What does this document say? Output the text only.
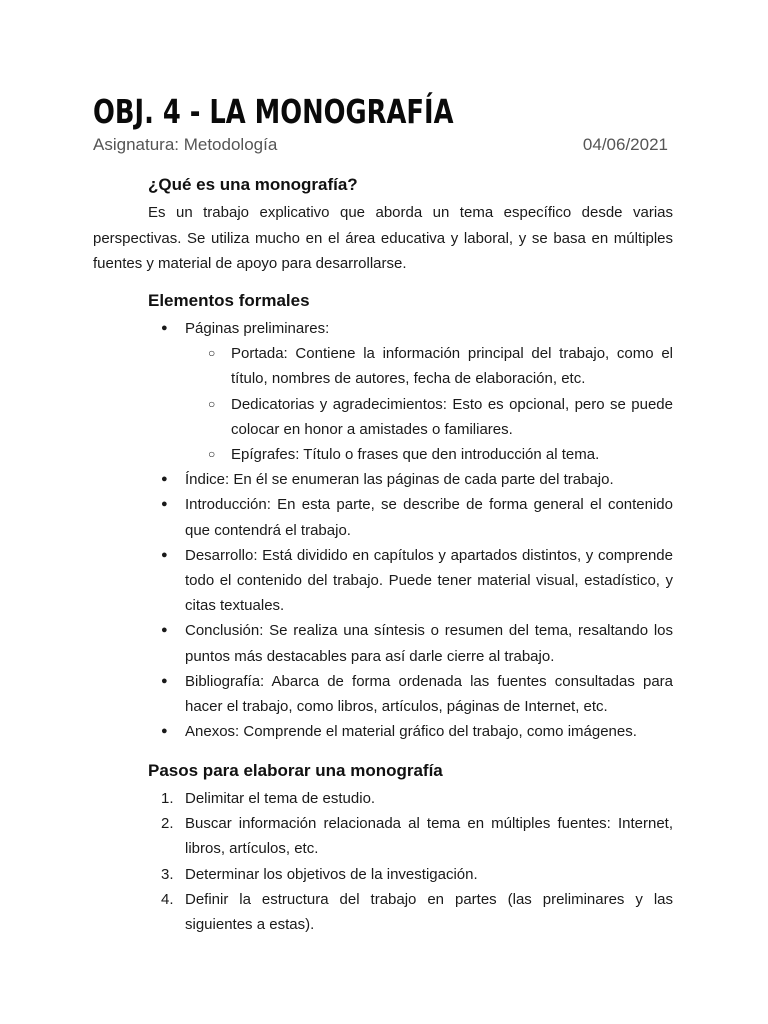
OBJ. 4 - LA MONOGRAFÍA
Asignatura: Metodología	04/06/2021
¿Qué es una monografía?

Es un trabajo explicativo que aborda un tema específico desde varias perspectivas. Se utiliza mucho en el área educativa y laboral, y se basa en múltiples fuentes y material de apoyo para desarrollarse.

Elementos formales
● Páginas preliminares:
○ Portada: Contiene la información principal del trabajo, como el título, nombres de autores, fecha de elaboración, etc.
○ Dedicatorias y agradecimientos: Esto es opcional, pero se puede colocar en honor a amistades o familiares.
○ Epígrafes: Título o frases que den introducción al tema.
● Índice: En él se enumeran las páginas de cada parte del trabajo.
● Introducción: En esta parte, se describe de forma general el contenido que contendrá el trabajo.
● Desarrollo: Está dividido en capítulos y apartados distintos, y comprende todo el contenido del trabajo. Puede tener material visual, estadístico, y citas textuales.
● Conclusión: Se realiza una síntesis o resumen del tema, resaltando los puntos más destacables para así darle cierre al trabajo.
● Bibliografía: Abarca de forma ordenada las fuentes consultadas para hacer el trabajo, como libros, artículos, páginas de Internet, etc.
● Anexos: Comprende el material gráfico del trabajo, como imágenes.
Pasos para elaborar una monografía
1. Delimitar el tema de estudio.
2. Buscar información relacionada al tema en múltiples fuentes: Internet, libros, artículos, etc.
3. Determinar los objetivos de la investigación.
4. Definir la estructura del trabajo en partes (las preliminares y las siguientes a estas).
